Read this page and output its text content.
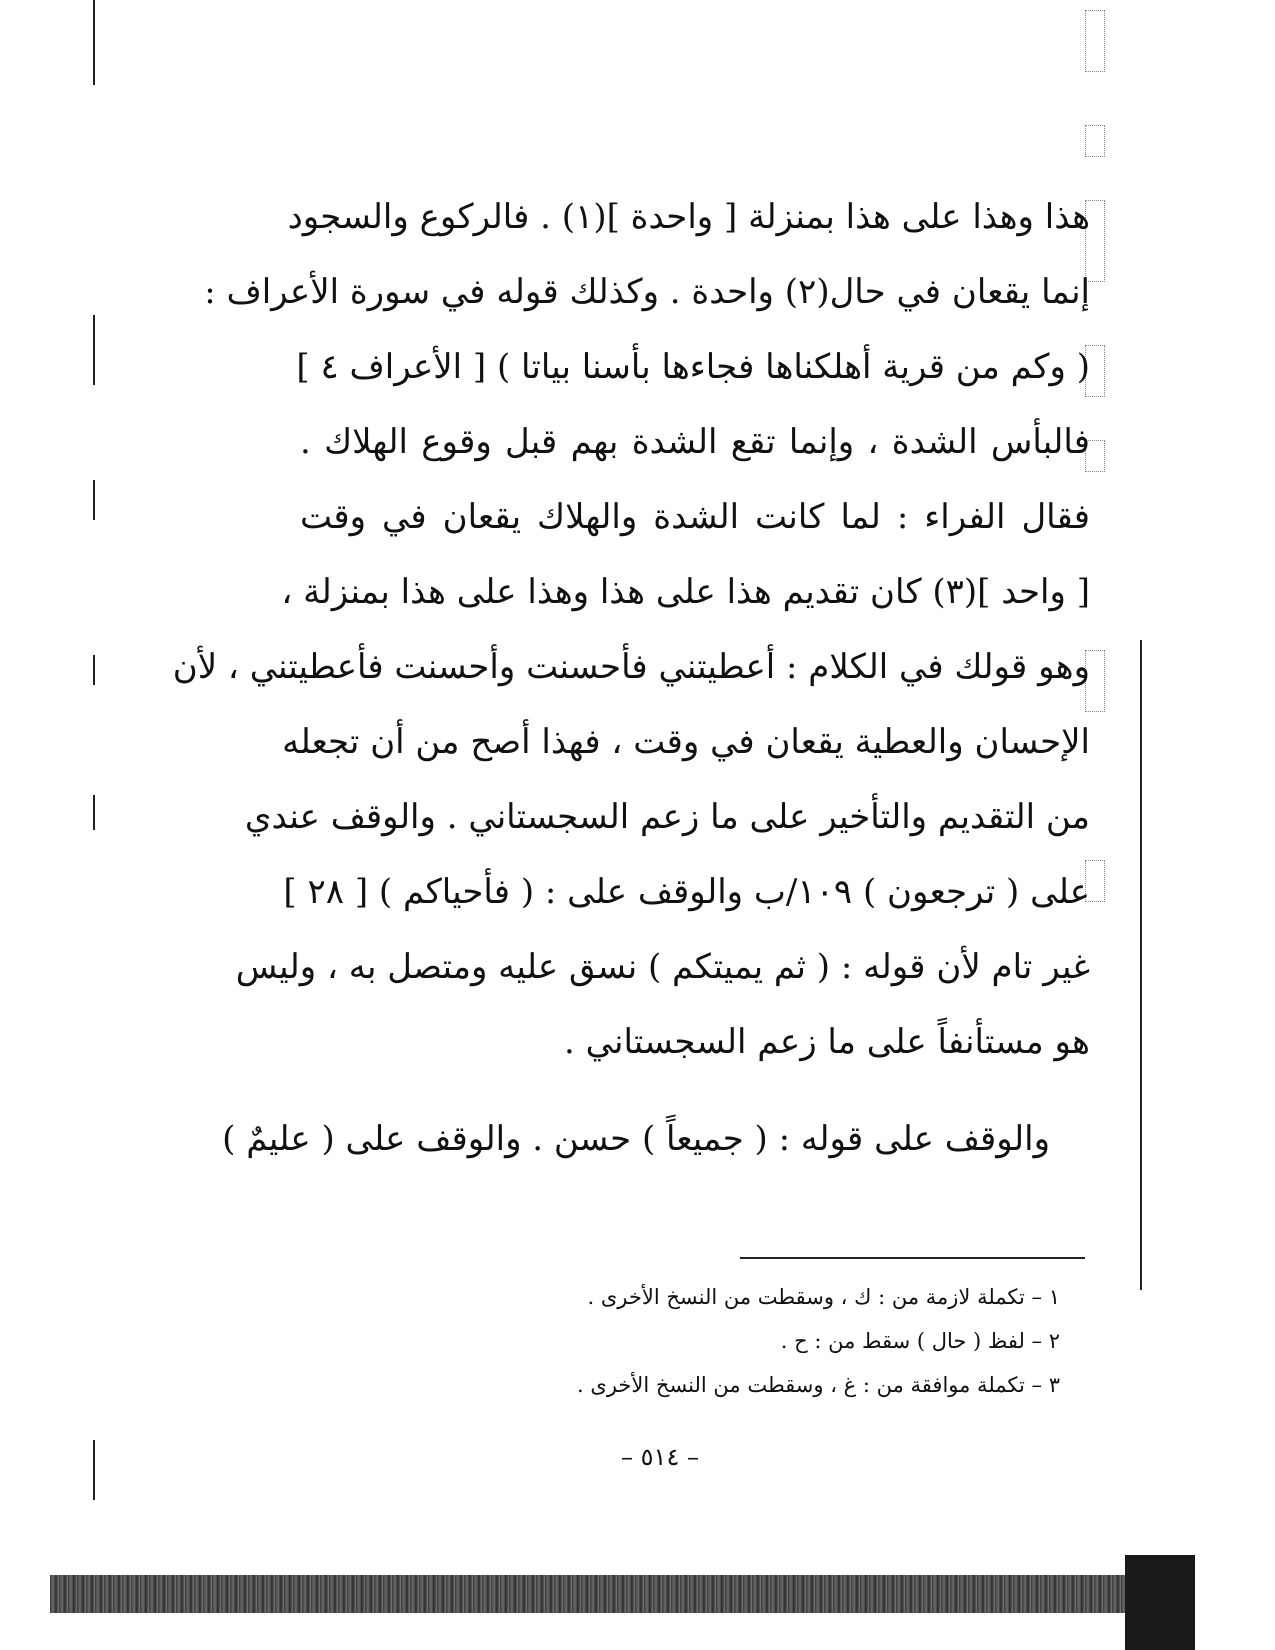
هذا وهذا على هذا بمنزلة [ واحدة ](١) . فالركوع والسجود
إنما يقعان في حال(٢) واحدة . وكذلك قوله في سورة الأعراف :
( وكم من قرية أهلكناها فجاءها بأسنا بياتا ) [ الأعراف ٤ ]
فالبأس الشدة ، وإنما تقع الشدة بهم قبل وقوع الهلاك .
فقال الفراء : لما كانت الشدة والهلاك يقعان في وقت
[ واحد ](٣) كان تقديم هذا على هذا وهذا على هذا بمنزلة ،
وهو قولك في الكلام : أعطيتني فأحسنت وأحسنت فأعطيتني ، لأن
الإحسان والعطية يقعان في وقت ، فهذا أصح من أن تجعله
من التقديم والتأخير على ما زعم السجستاني . والوقف عندي
على ( ترجعون ) ١٠٩/ب والوقف على : ( فأحياكم ) [ ٢٨ ]
غير تام لأن قوله : ( ثم يميتكم ) نسق عليه ومتصل به ، وليس
هو مستأنفاً على ما زعم السجستاني .
والوقف على قوله : ( جميعاً ) حسن . والوقف على ( عليمٌ )
١ – تكملة لازمة من : ك ، وسقطت من النسخ الأخرى .
٢ – لفظ ( حال ) سقط من : ح .
٣ – تكملة موافقة من : غ ، وسقطت من النسخ الأخرى .
– ٥١٤ –
